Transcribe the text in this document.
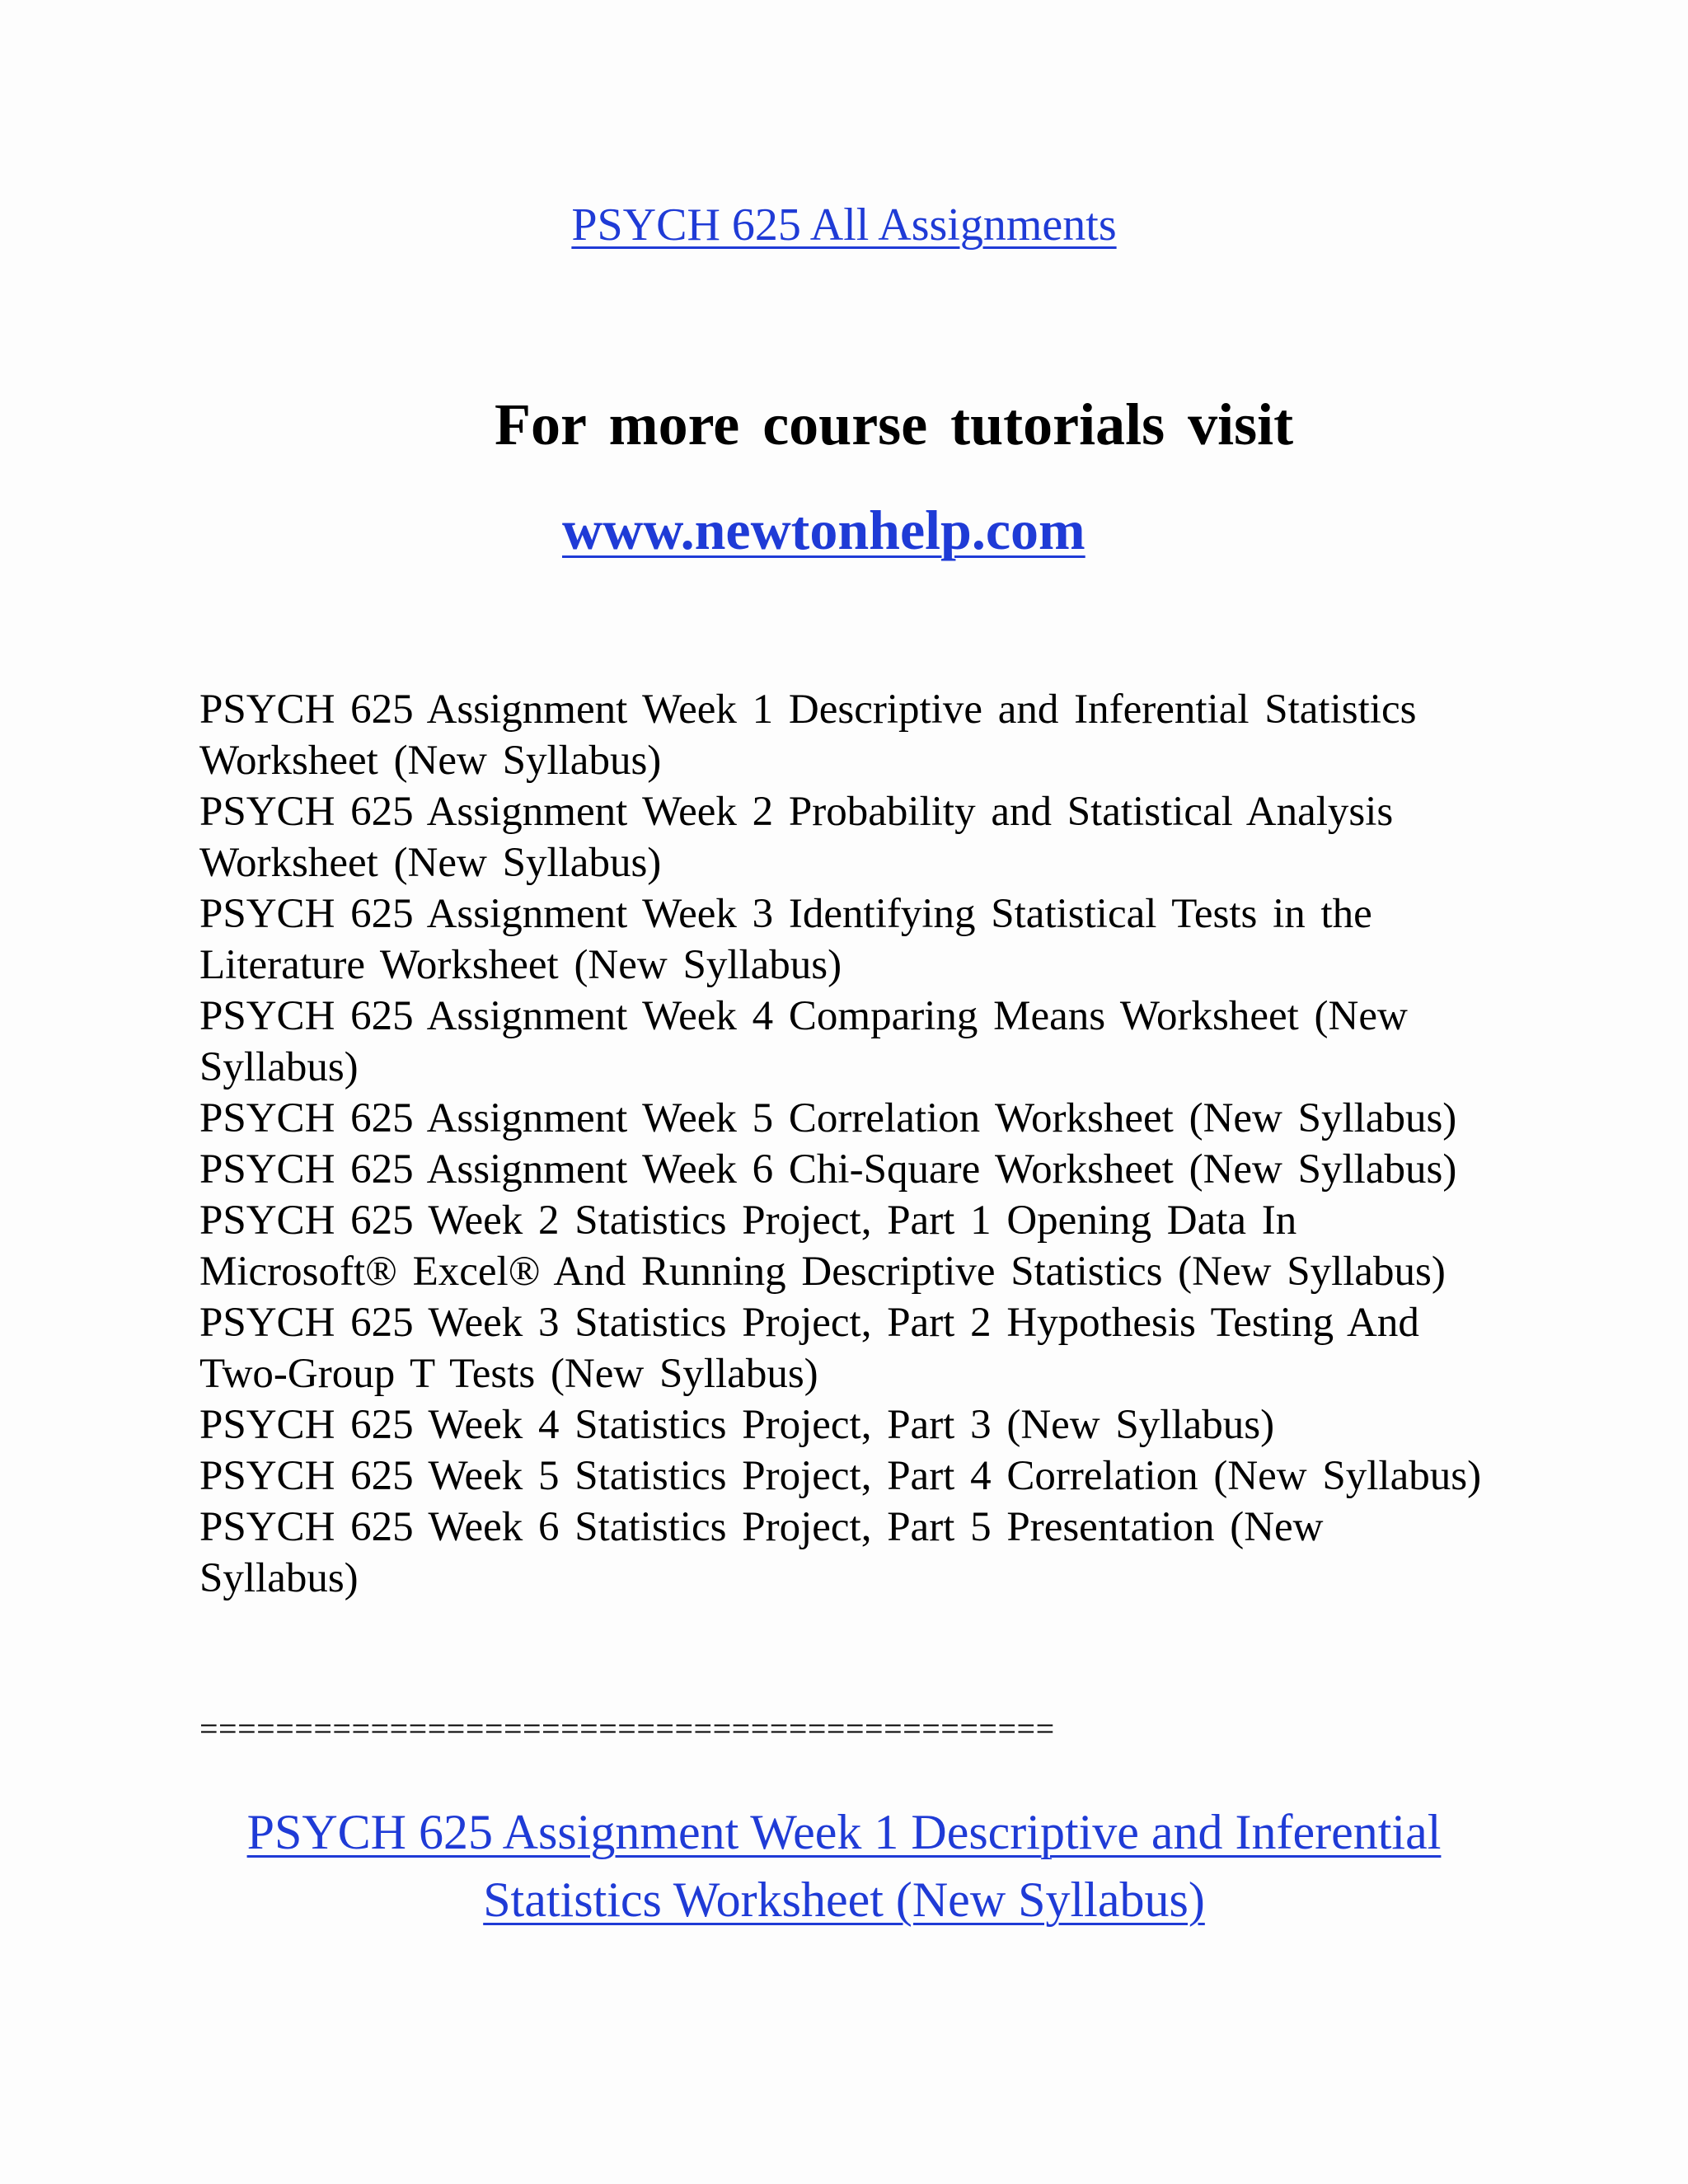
PSYCH 625 All Assignments
For more course tutorials visit
www.newtonhelp.com
PSYCH 625 Assignment Week 1 Descriptive and Inferential Statistics Worksheet (New Syllabus)
PSYCH 625 Assignment Week 2 Probability and Statistical Analysis Worksheet (New Syllabus)
PSYCH 625 Assignment Week 3 Identifying Statistical Tests in the Literature Worksheet (New Syllabus)
PSYCH 625 Assignment Week 4 Comparing Means Worksheet (New Syllabus)
PSYCH 625 Assignment Week 5 Correlation Worksheet (New Syllabus)
PSYCH 625 Assignment Week 6 Chi-Square Worksheet (New Syllabus)
PSYCH 625 Week 2 Statistics Project, Part 1 Opening Data In Microsoft® Excel® And Running Descriptive Statistics (New Syllabus)
PSYCH 625 Week 3 Statistics Project, Part 2 Hypothesis Testing And Two-Group T Tests (New Syllabus)
PSYCH 625 Week 4 Statistics Project, Part 3 (New Syllabus)
PSYCH 625 Week 5 Statistics Project, Part 4 Correlation (New Syllabus)
PSYCH 625 Week 6 Statistics Project, Part 5 Presentation (New Syllabus)
=============================================
PSYCH 625 Assignment Week 1 Descriptive and Inferential
Statistics Worksheet (New Syllabus)
